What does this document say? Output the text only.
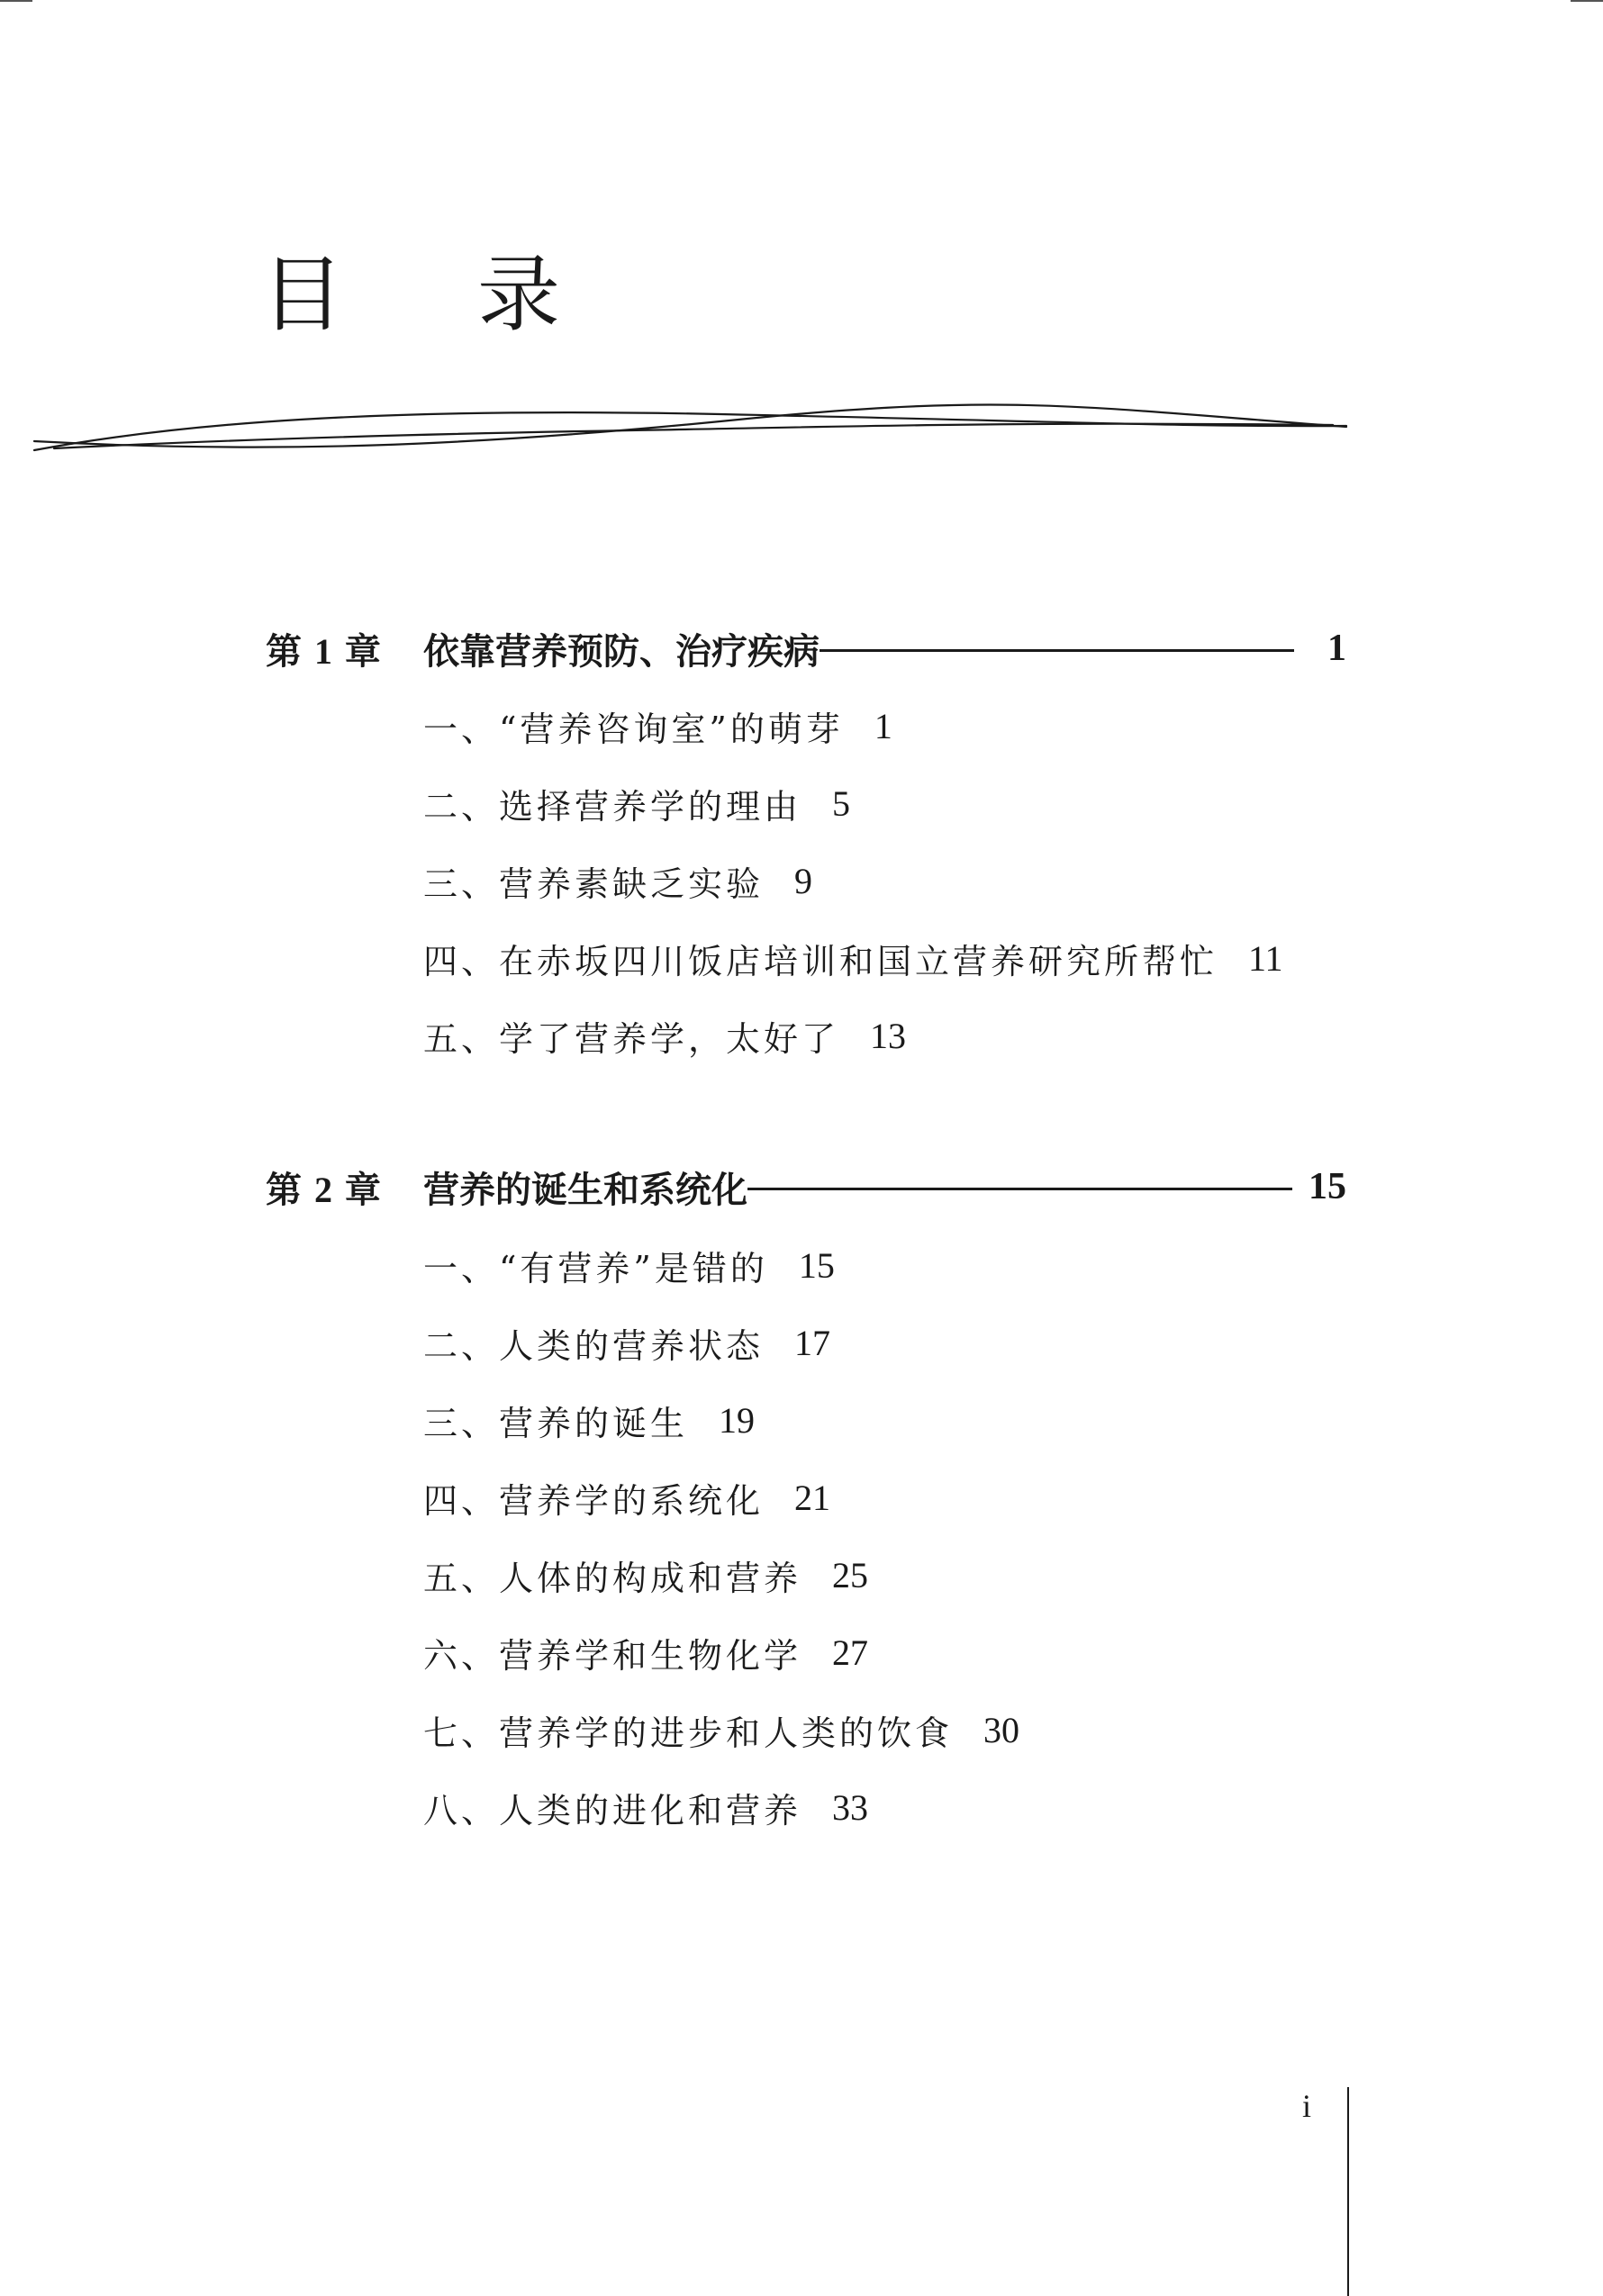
目 录
第 1 章	依靠营养预防、治疗疾病	1
一、“营养咨询室”的萌芽 1
二、选择营养学的理由 5
三、营养素缺乏实验 9
四、在赤坂四川饭店培训和国立营养研究所帮忙 11
五、学了营养学，太好了 13
第 2 章	营养的诞生和系统化	15
一、“有营养”是错的 15
二、人类的营养状态 17
三、营养的诞生 19
四、营养学的系统化 21
五、人体的构成和营养 25
六、营养学和生物化学 27
七、营养学的进步和人类的饮食 30
八、人类的进化和营养 33
i
